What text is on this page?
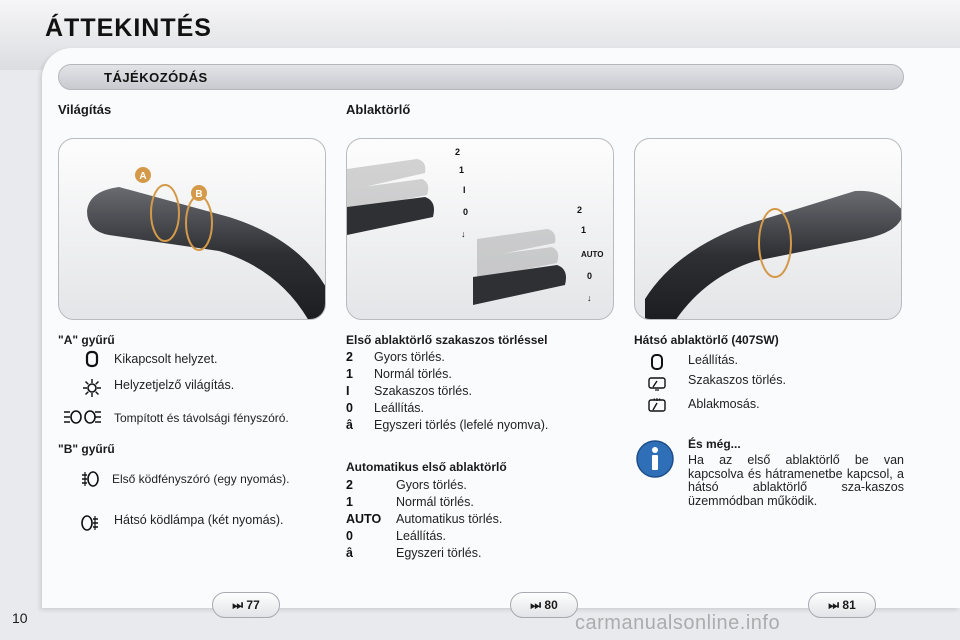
ÁTTEKINTÉS
TÁJÉKOZÓDÁS
Világítás	Ablaktörlő
A
B
2
1
I
0
↓
2
1
AUTO
0
↓
"A" gyűrű
Kikapcsolt helyzet.
Helyzetjelző világítás.
Tompított és távolsági fényszóró.
"B" gyűrű
Első ködfényszóró (egy nyomás).
Hátsó ködlámpa (két nyomás).
Első ablaktörlő szakaszos törléssel
2 Gyors törlés.
1 Normál törlés.
I Szakaszos törlés.
0 Leállítás.
â Egyszeri törlés (lefelé nyomva).
Automatikus első ablaktörlő
2	Gyors törlés.
1	Normál törlés.
AUTO Automatikus törlés.
0	Leállítás.
â	Egyszeri törlés.
Hátsó ablaktörlő (407SW)
Leállítás.
Szakaszos törlés.
Ablakmosás.
És még...
Ha az első ablaktörlő be van kapcsolva és hátramenetbe kapcsol, a hátsó ablaktörlő sza-kaszos üzemmódban működik.
10
⏭ 77	⏭ 80	⏭ 81
carmanualsonline.info
